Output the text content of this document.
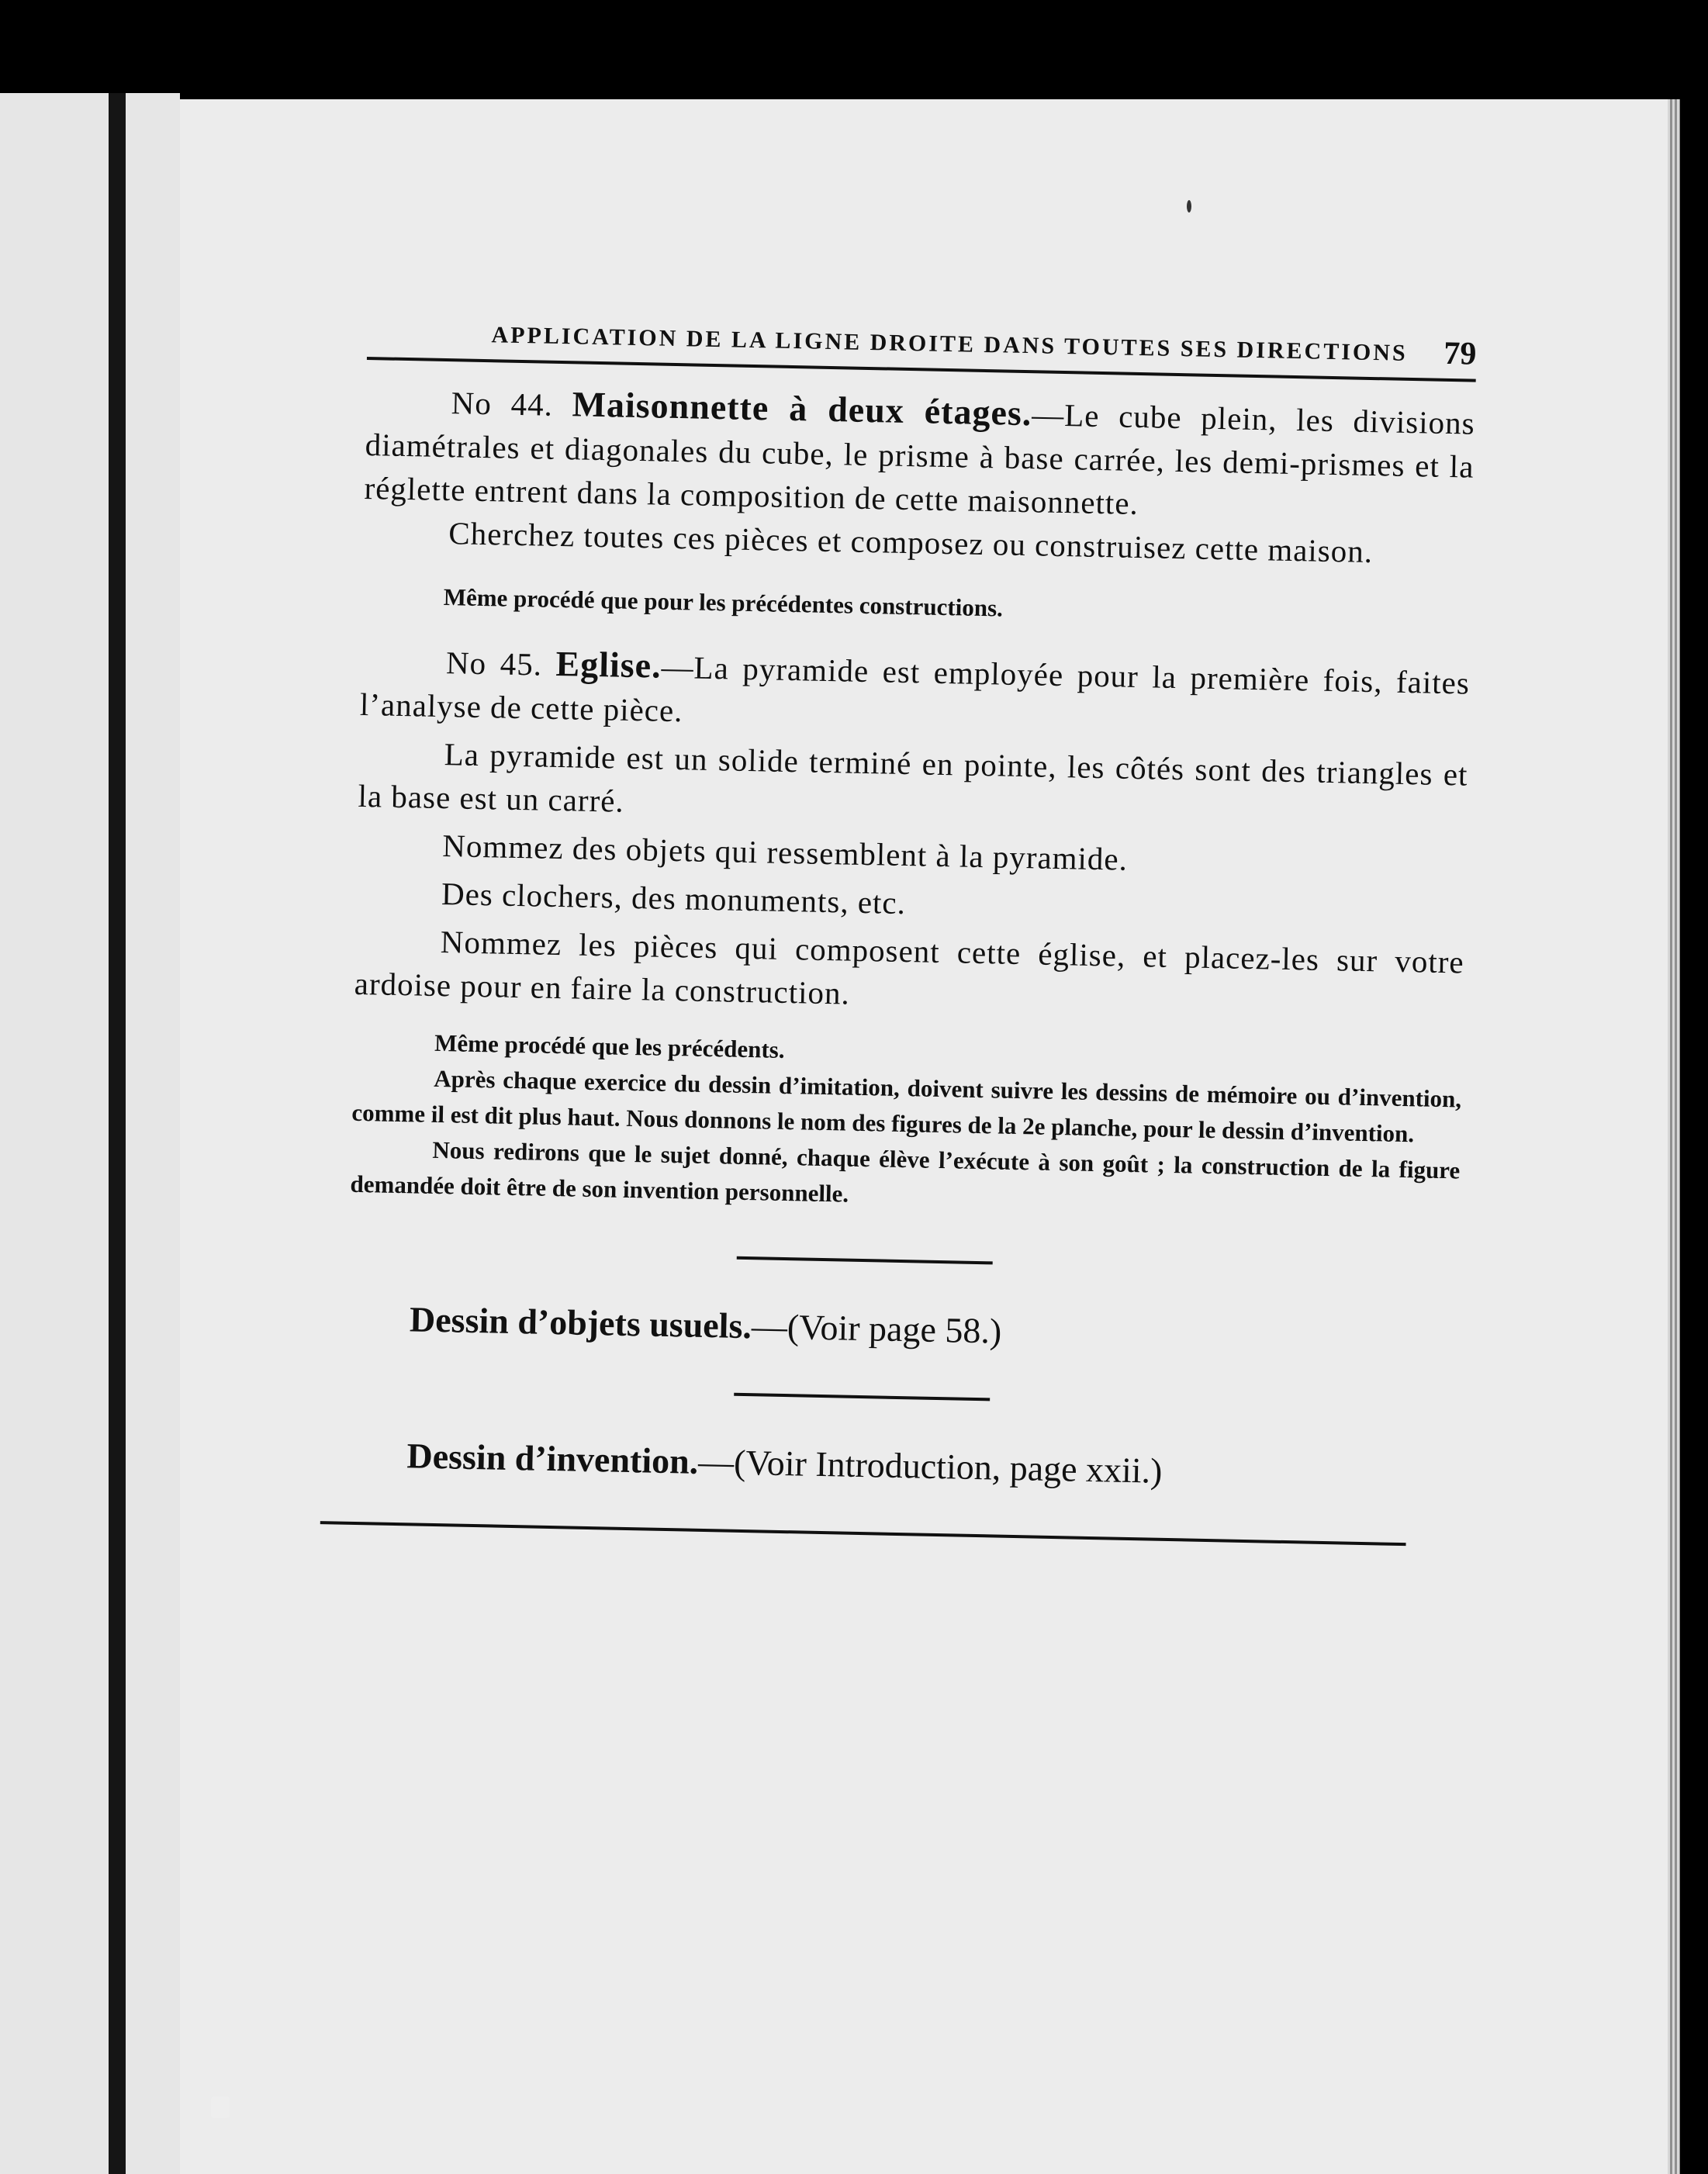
APPLICATION DE LA LIGNE DROITE DANS TOUTES SES DIRECTIONS 79

No 44. Maisonnette à deux étages.—Le cube plein, les divisions diamétrales et diagonales du cube, le prisme à base carrée, les demi-prismes et la réglette entrent dans la composition de cette maisonnette.

Cherchez toutes ces pièces et composez ou construisez cette maison.

Même procédé que pour les précédentes constructions.

No 45. Eglise.—La pyramide est employée pour la première fois, faites l’analyse de cette pièce.

La pyramide est un solide terminé en pointe, les côtés sont des triangles et la base est un carré.

Nommez des objets qui ressemblent à la pyramide.

Des clochers, des monuments, etc.

Nommez les pièces qui composent cette église, et placez-les sur votre ardoise pour en faire la construction.

Même procédé que les précédents.

Après chaque exercice du dessin d’imitation, doivent suivre les dessins de mémoire ou d’invention, comme il est dit plus haut. Nous donnons le nom des figures de la 2e planche, pour le dessin d’invention.

Nous redirons que le sujet donné, chaque élève l’exécute à son goût ; la construction de la figure demandée doit être de son invention personnelle.

Dessin d’objets usuels.—(Voir page 58.)

Dessin d’invention.—(Voir Introduction, page xxii.)
